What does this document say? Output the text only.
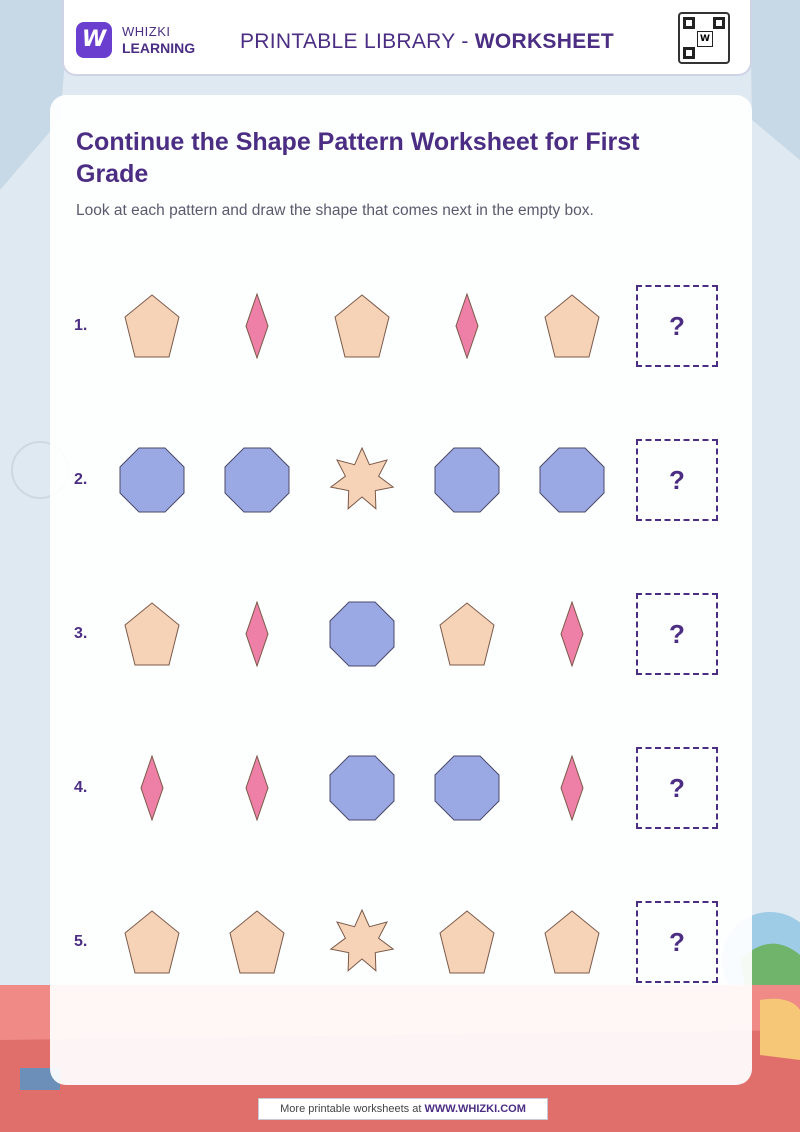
W	WHIZKI
LEARNING PRINTABLE LIBRARY - WORKSHEET	W
Continue the Shape Pattern Worksheet for First Grade
Look at each pattern and draw the shape that comes next in the empty box.
1.	?
2.	?
3.	?
4.	?
5.	?
More printable worksheets at WWW.WHIZKI.COM
